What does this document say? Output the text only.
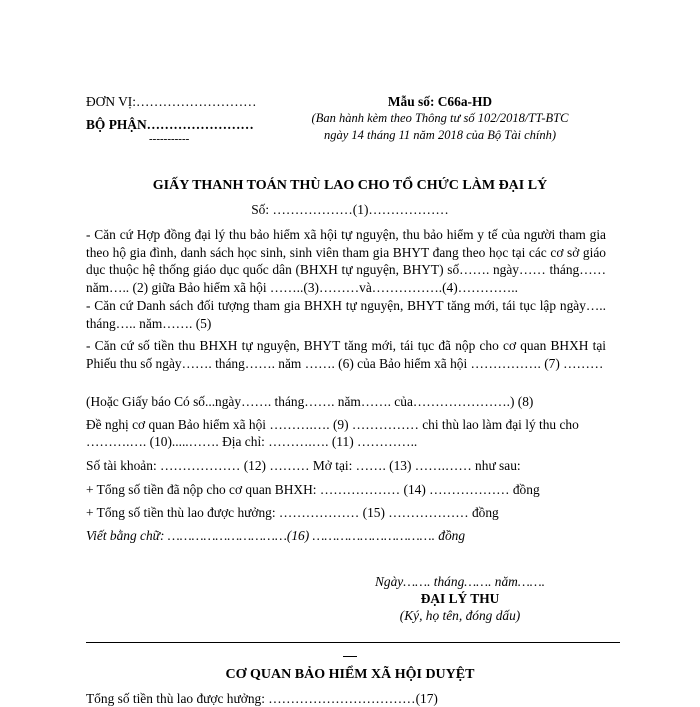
ĐƠN VỊ:………………………
BỘ PHẬN……………………
-----------
Mẫu số: C66a-HD
(Ban hành kèm theo Thông tư số 102/2018/TT-BTC
ngày 14 tháng 11 năm 2018 của Bộ Tài chính)
GIẤY THANH TOÁN THÙ LAO CHO TỔ CHỨC LÀM ĐẠI LÝ
Số: ………………(1)………………
- Căn cứ Hợp đồng đại lý thu bảo hiểm xã hội tự nguyện, thu bảo hiểm y tế của người tham gia theo hộ gia đình, danh sách học sinh, sinh viên tham gia BHYT đang theo học tại các cơ sở giáo dục thuộc hệ thống giáo dục quốc dân (BHXH tự nguyện, BHYT) số……. ngày…… tháng…… năm….. (2) giữa Bảo hiểm xã hội ……..(3)………và…………….(4)…………..
- Căn cứ Danh sách đối tượng tham gia BHXH tự nguyện, BHYT tăng mới, tái tục lập ngày….. tháng….. năm……. (5)
- Căn cứ số tiền thu BHXH tự nguyện, BHYT tăng mới, tái tục đã nộp cho cơ quan BHXH tại Phiếu thu số ngày……. tháng……. năm ……. (6) của Bảo hiểm xã hội ……………. (7) ………
(Hoặc Giấy báo Có số...ngày……. tháng……. năm……. của………………….) (8)
Đề nghị cơ quan Bảo hiểm xã hội ……….…. (9) …………… chi thù lao làm đại lý thu cho
……….…. (10).....……. Địa chỉ: ……….…. (11) …………..
Số tài khoản: ……………… (12) ……… Mở tại: ……. (13) …….…… như sau:
+ Tổng số tiền đã nộp cho cơ quan BHXH: ……………… (14) ……………… đồng
+ Tổng số tiền thù lao được hưởng: ……………… (15) ……………… đồng
Viết bằng chữ: …………………………(16) …………………………. đồng
Ngày……. tháng……. năm…….
ĐẠI LÝ THU
(Ký, họ tên, đóng dấu)
CƠ QUAN BẢO HIỂM XÃ HỘI DUYỆT
Tổng số tiền thù lao được hưởng: ……………………………(17)
